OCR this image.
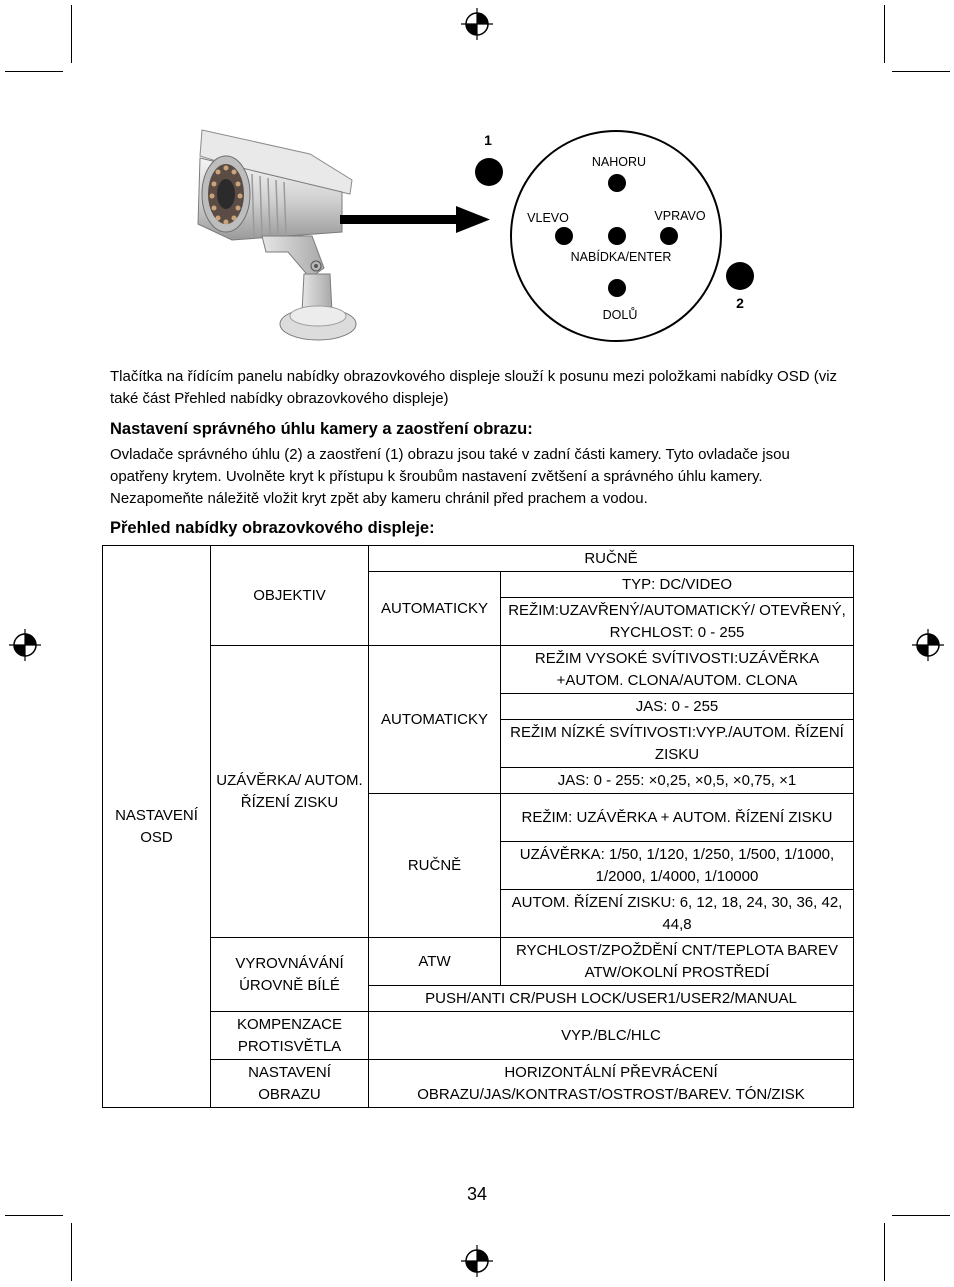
1
2
NAHORU
VLEVO	VPRAVO
NABÍDKA/ENTER
DOLŮ

Tlačítka na řídícím panelu nabídky obrazovkového displeje slouží k posunu mezi položkami nabídky OSD (viz také část Přehled nabídky obrazovkového displeje)

Nastavení správného úhlu kamery a zaostření obrazu:

Ovladače správného úhlu (2) a zaostření (1) obrazu jsou také v zadní části kamery. Tyto ovladače jsou opatřeny krytem. Uvolněte kryt k přístupu k šroubům nastavení zvětšení a správného úhlu kamery. Nezapomeňte náležitě vložit kryt zpět aby kameru chránil před prachem a vodou.

Přehled nabídky obrazovkového displeje:
NASTAVENÍ OSD	OBJEKTIV	RUČNĚ	
		AUTOMATICKY	TYP: DC/VIDEO
			REŽIM:UZAVŘENÝ/AUTOMATICKÝ/ OTEVŘENÝ, RYCHLOST: 0 - 255
	UZÁVĚRKA/ AUTOM. ŘÍZENÍ ZISKU	AUTOMATICKY	REŽIM VYSOKÉ SVÍTIVOSTI:UZÁVĚRKA +AUTOM. CLONA/AUTOM. CLONA
			JAS: 0 - 255
			REŽIM NÍZKÉ SVÍTIVOSTI:VYP./AUTOM. ŘÍZENÍ ZISKU
			JAS: 0 - 255: ×0,25, ×0,5, ×0,75, ×1
		RUČNĚ	REŽIM: UZÁVĚRKA + AUTOM. ŘÍZENÍ ZISKU
			UZÁVĚRKA: 1/50, 1/120, 1/250, 1/500, 1/1000, 1/2000, 1/4000, 1/10000
			AUTOM. ŘÍZENÍ ZISKU: 6, 12, 18, 24, 30, 36, 42, 44,8
	VYROVNÁVÁNÍ ÚROVNĚ BÍLÉ	ATW	RYCHLOST/ZPOŽDĚNÍ CNT/TEPLOTA BAREV ATW/OKOLNÍ PROSTŘEDÍ
		PUSH/ANTI CR/PUSH LOCK/USER1/USER2/MANUAL	
	KOMPENZACE PROTISVĚTLA	VYP./BLC/HLC	
	NASTAVENÍ OBRAZU	HORIZONTÁLNÍ PŘEVRÁCENÍ OBRAZU/JAS/KONTRAST/OSTROST/BAREV. TÓN/ZISK	
34
